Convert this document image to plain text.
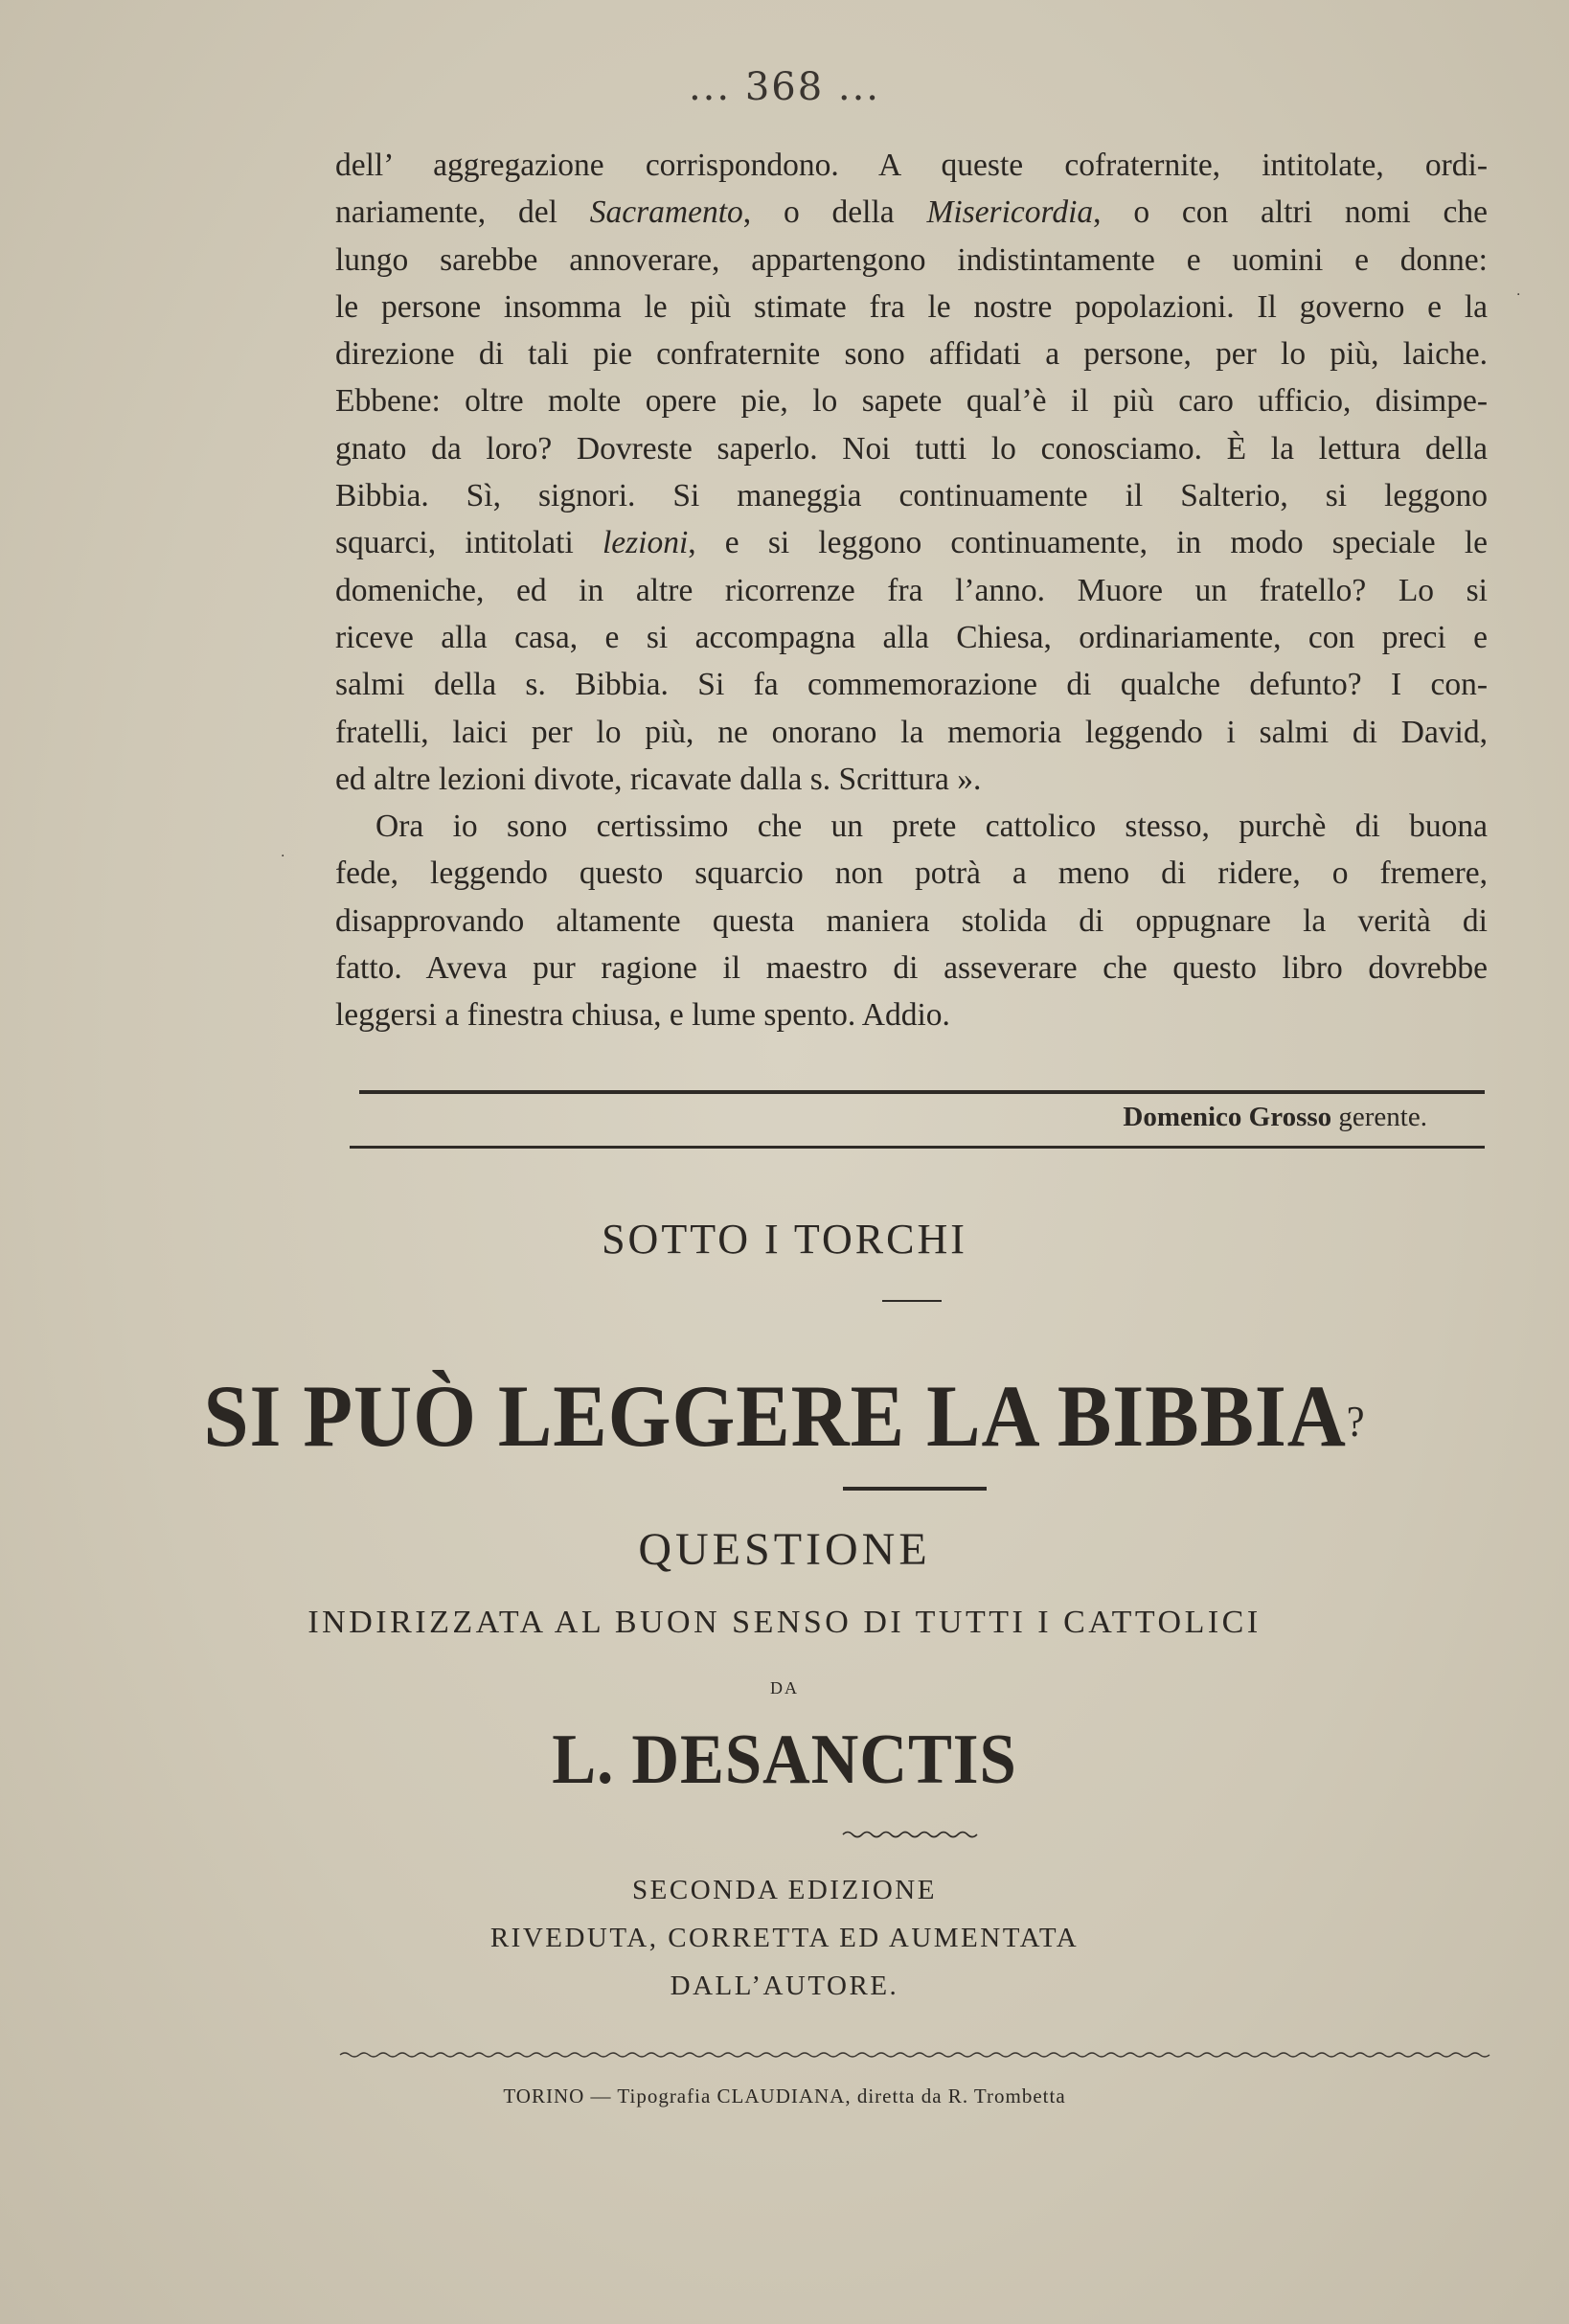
... 368 ...
dell’ aggregazione corrispondono. A queste cofraternite, intitolate, ordi-
nariamente, del Sacramento, o della Misericordia, o con altri nomi che
lungo sarebbe annoverare, appartengono indistintamente e uomini e donne:
le persone insomma le più stimate fra le nostre popolazioni. Il governo e la
direzione di tali pie confraternite sono affidati a persone, per lo più, laiche.
Ebbene: oltre molte opere pie, lo sapete qual’è il più caro ufficio, disimpe-
gnato da loro? Dovreste saperlo. Noi tutti lo conosciamo. È la lettura della
Bibbia. Sì, signori. Si maneggia continuamente il Salterio, si leggono
squarci, intitolati lezioni, e si leggono continuamente, in modo speciale le
domeniche, ed in altre ricorrenze fra l’anno. Muore un fratello? Lo si
riceve alla casa, e si accompagna alla Chiesa, ordinariamente, con preci e
salmi della s. Bibbia. Si fa commemorazione di qualche defunto? I con-
fratelli, laici per lo più, ne onorano la memoria leggendo i salmi di David,
ed altre lezioni divote, ricavate dalla s. Scrittura ».
Ora io sono certissimo che un prete cattolico stesso, purchè di buona
fede, leggendo questo squarcio non potrà a meno di ridere, o fremere,
disapprovando altamente questa maniera stolida di oppugnare la verità di
fatto. Aveva pur ragione il maestro di asseverare che questo libro dovrebbe
leggersi a finestra chiusa, e lume spento. Addio.
Domenico Grosso gerente.
SOTTO I TORCHI
SI PUÒ LEGGERE LA BIBBIA?
QUESTIONE
INDIRIZZATA AL BUON SENSO DI TUTTI I CATTOLICI
DA
L. DESANCTIS
SECONDA EDIZIONE
RIVEDUTA, CORRETTA ED AUMENTATA
DALL’AUTORE.
TORINO — Tipografia CLAUDIANA, diretta da R. Trombetta
·
·
